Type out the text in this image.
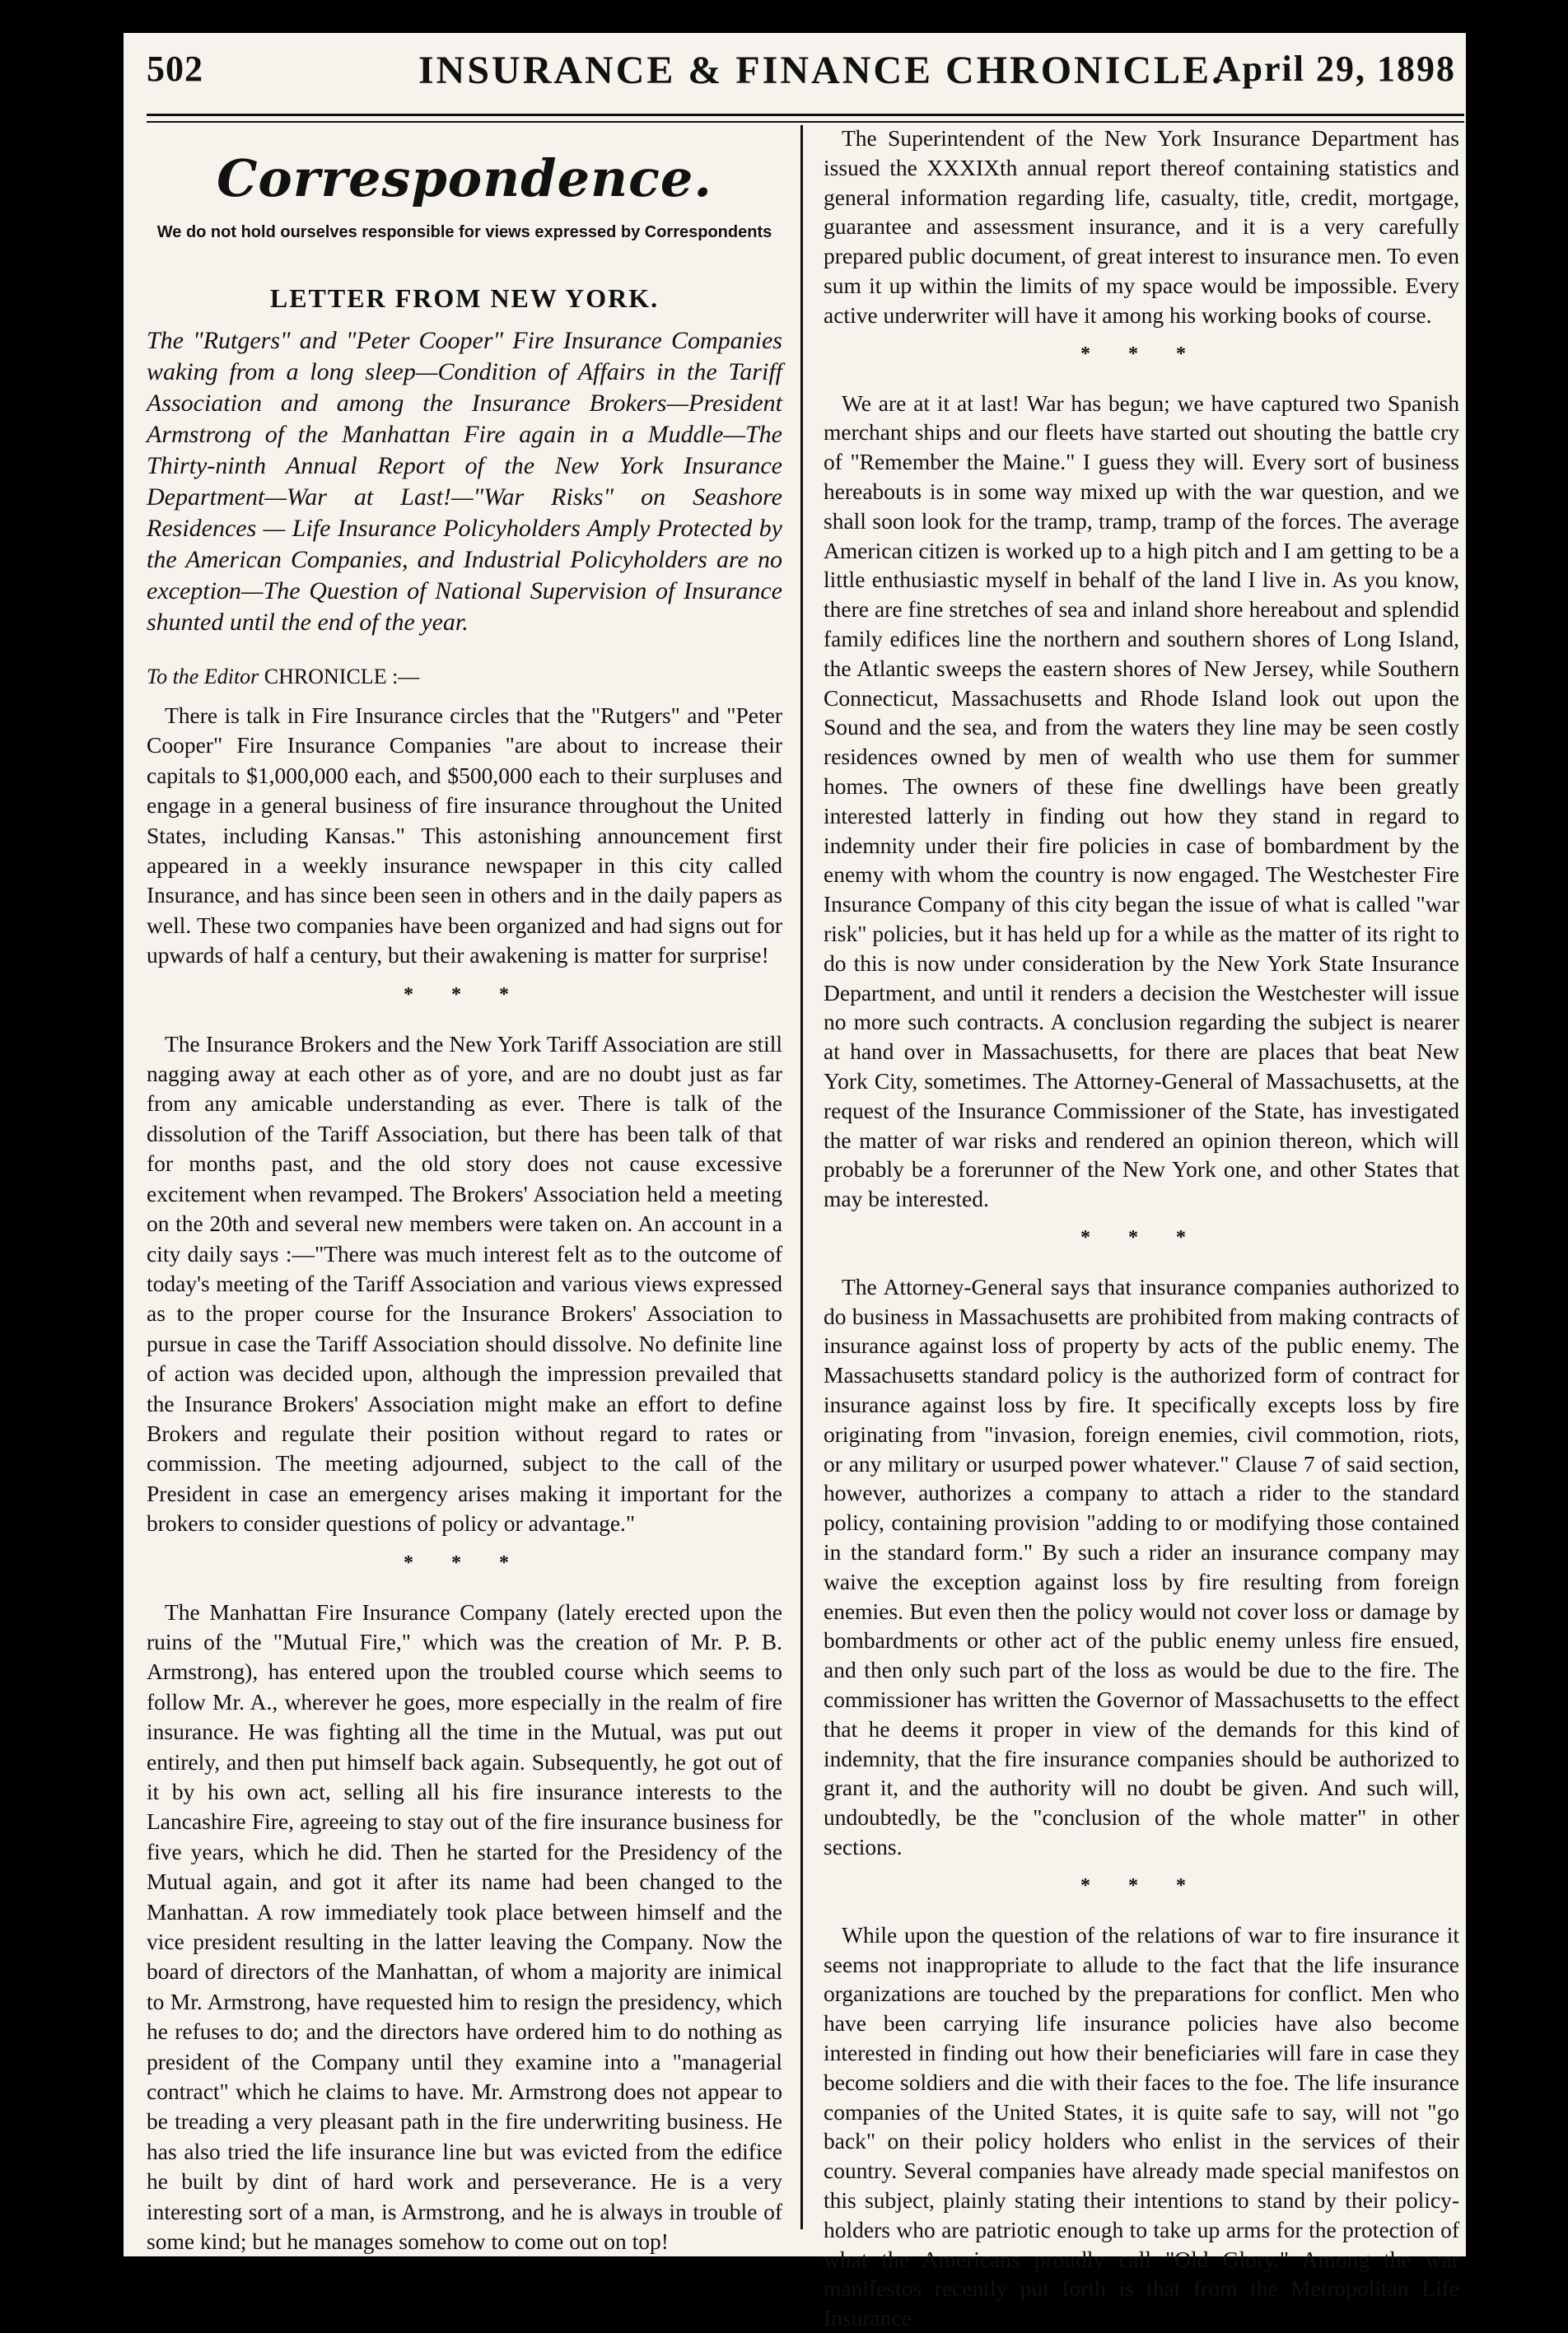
502	INSURANCE & FINANCE CHRONICLE.
April 29, 1898
Correspondence.
We do not hold ourselves responsible for views expressed by Correspondents
LETTER FROM NEW YORK.
The "Rutgers" and "Peter Cooper" Fire Insurance Companies waking from a long sleep—Condition of Affairs in the Tariff Association and among the Insurance Brokers—President Armstrong of the Manhattan Fire again in a Muddle—The Thirty-ninth Annual Report of the New York Insurance Department—War at Last!—"War Risks" on Seashore Residences — Life Insurance Policyholders Amply Protected by the American Companies, and Industrial Policyholders are no exception—The Question of National Supervision of Insurance shunted until the end of the year.
To the Editor CHRONICLE :—

There is talk in Fire Insurance circles that the "Rutgers" and "Peter Cooper" Fire Insurance Companies "are about to increase their capitals to $1,000,000 each, and $500,000 each to their surpluses and engage in a general business of fire insurance throughout the United States, including Kansas." This astonishing announcement first appeared in a weekly insurance newspaper in this city called Insurance, and has since been seen in others and in the daily papers as well. These two companies have been organized and had signs out for upwards of half a century, but their awakening is matter for surprise!

* * *

The Insurance Brokers and the New York Tariff Association are still nagging away at each other as of yore, and are no doubt just as far from any amicable understanding as ever. There is talk of the dissolution of the Tariff Association, but there has been talk of that for months past, and the old story does not cause excessive excitement when revamped. The Brokers' Association held a meeting on the 20th and several new members were taken on. An account in a city daily says :—"There was much interest felt as to the outcome of today's meeting of the Tariff Association and various views expressed as to the proper course for the Insurance Brokers' Association to pursue in case the Tariff Association should dissolve. No definite line of action was decided upon, although the impression prevailed that the Insurance Brokers' Association might make an effort to define Brokers and regulate their position without regard to rates or commission. The meeting adjourned, subject to the call of the President in case an emergency arises making it important for the brokers to consider questions of policy or advantage."

* * *

The Manhattan Fire Insurance Company (lately erected upon the ruins of the "Mutual Fire," which was the creation of Mr. P. B. Armstrong), has entered upon the troubled course which seems to follow Mr. A., wherever he goes, more especially in the realm of fire insurance. He was fighting all the time in the Mutual, was put out entirely, and then put himself back again. Subsequently, he got out of it by his own act, selling all his fire insurance interests to the Lancashire Fire, agreeing to stay out of the fire insurance business for five years, which he did. Then he started for the Presidency of the Mutual again, and got it after its name had been changed to the Manhattan. A row immediately took place between himself and the vice president resulting in the latter leaving the Company. Now the board of directors of the Manhattan, of whom a majority are inimical to Mr. Armstrong, have requested him to resign the presidency, which he refuses to do; and the directors have ordered him to do nothing as president of the Company until they examine into a "managerial contract" which he claims to have. Mr. Armstrong does not appear to be treading a very pleasant path in the fire underwriting business. He has also tried the life insurance line but was evicted from the edifice he built by dint of hard work and perseverance. He is a very interesting sort of a man, is Armstrong, and he is always in trouble of some kind; but he manages somehow to come out on top!

The Superintendent of the New York Insurance Department has issued the XXXIXth annual report thereof containing statistics and general information regarding life, casualty, title, credit, mortgage, guarantee and assessment insurance, and it is a very carefully prepared public document, of great interest to insurance men. To even sum it up within the limits of my space would be impossible. Every active underwriter will have it among his working books of course.

* * *

We are at it at last! War has begun; we have captured two Spanish merchant ships and our fleets have started out shouting the battle cry of "Remember the Maine." I guess they will. Every sort of business hereabouts is in some way mixed up with the war question, and we shall soon look for the tramp, tramp, tramp of the forces. The average American citizen is worked up to a high pitch and I am getting to be a little enthusiastic myself in behalf of the land I live in. As you know, there are fine stretches of sea and inland shore hereabout and splendid family edifices line the northern and southern shores of Long Island, the Atlantic sweeps the eastern shores of New Jersey, while Southern Connecticut, Massachusetts and Rhode Island look out upon the Sound and the sea, and from the waters they line may be seen costly residences owned by men of wealth who use them for summer homes. The owners of these fine dwellings have been greatly interested latterly in finding out how they stand in regard to indemnity under their fire policies in case of bombardment by the enemy with whom the country is now engaged. The Westchester Fire Insurance Company of this city began the issue of what is called "war risk" policies, but it has held up for a while as the matter of its right to do this is now under consideration by the New York State Insurance Department, and until it renders a decision the Westchester will issue no more such contracts. A conclusion regarding the subject is nearer at hand over in Massachusetts, for there are places that beat New York City, sometimes. The Attorney-General of Massachusetts, at the request of the Insurance Commissioner of the State, has investigated the matter of war risks and rendered an opinion thereon, which will probably be a forerunner of the New York one, and other States that may be interested.

* * *

The Attorney-General says that insurance companies authorized to do business in Massachusetts are prohibited from making contracts of insurance against loss of property by acts of the public enemy. The Massachusetts standard policy is the authorized form of contract for insurance against loss by fire. It specifically excepts loss by fire originating from "invasion, foreign enemies, civil commotion, riots, or any military or usurped power whatever." Clause 7 of said section, however, authorizes a company to attach a rider to the standard policy, containing provision "adding to or modifying those contained in the standard form." By such a rider an insurance company may waive the exception against loss by fire resulting from foreign enemies. But even then the policy would not cover loss or damage by bombardments or other act of the public enemy unless fire ensued, and then only such part of the loss as would be due to the fire. The commissioner has written the Governor of Massachusetts to the effect that he deems it proper in view of the demands for this kind of indemnity, that the fire insurance companies should be authorized to grant it, and the authority will no doubt be given. And such will, undoubtedly, be the "conclusion of the whole matter" in other sections.

* * *

While upon the question of the relations of war to fire insurance it seems not inappropriate to allude to the fact that the life insurance organizations are touched by the preparations for conflict. Men who have been carrying life insurance policies have also become interested in finding out how their beneficiaries will fare in case they become soldiers and die with their faces to the foe. The life insurance companies of the United States, it is quite safe to say, will not "go back" on their policy holders who enlist in the services of their country. Several companies have already made special manifestos on this subject, plainly stating their intentions to stand by their policy-holders who are patriotic enough to take up arms for the protection of what the Americans proudly call "Old Glory." Among the war manifestos recently put forth is that from the Metropolitan Life Insurance
